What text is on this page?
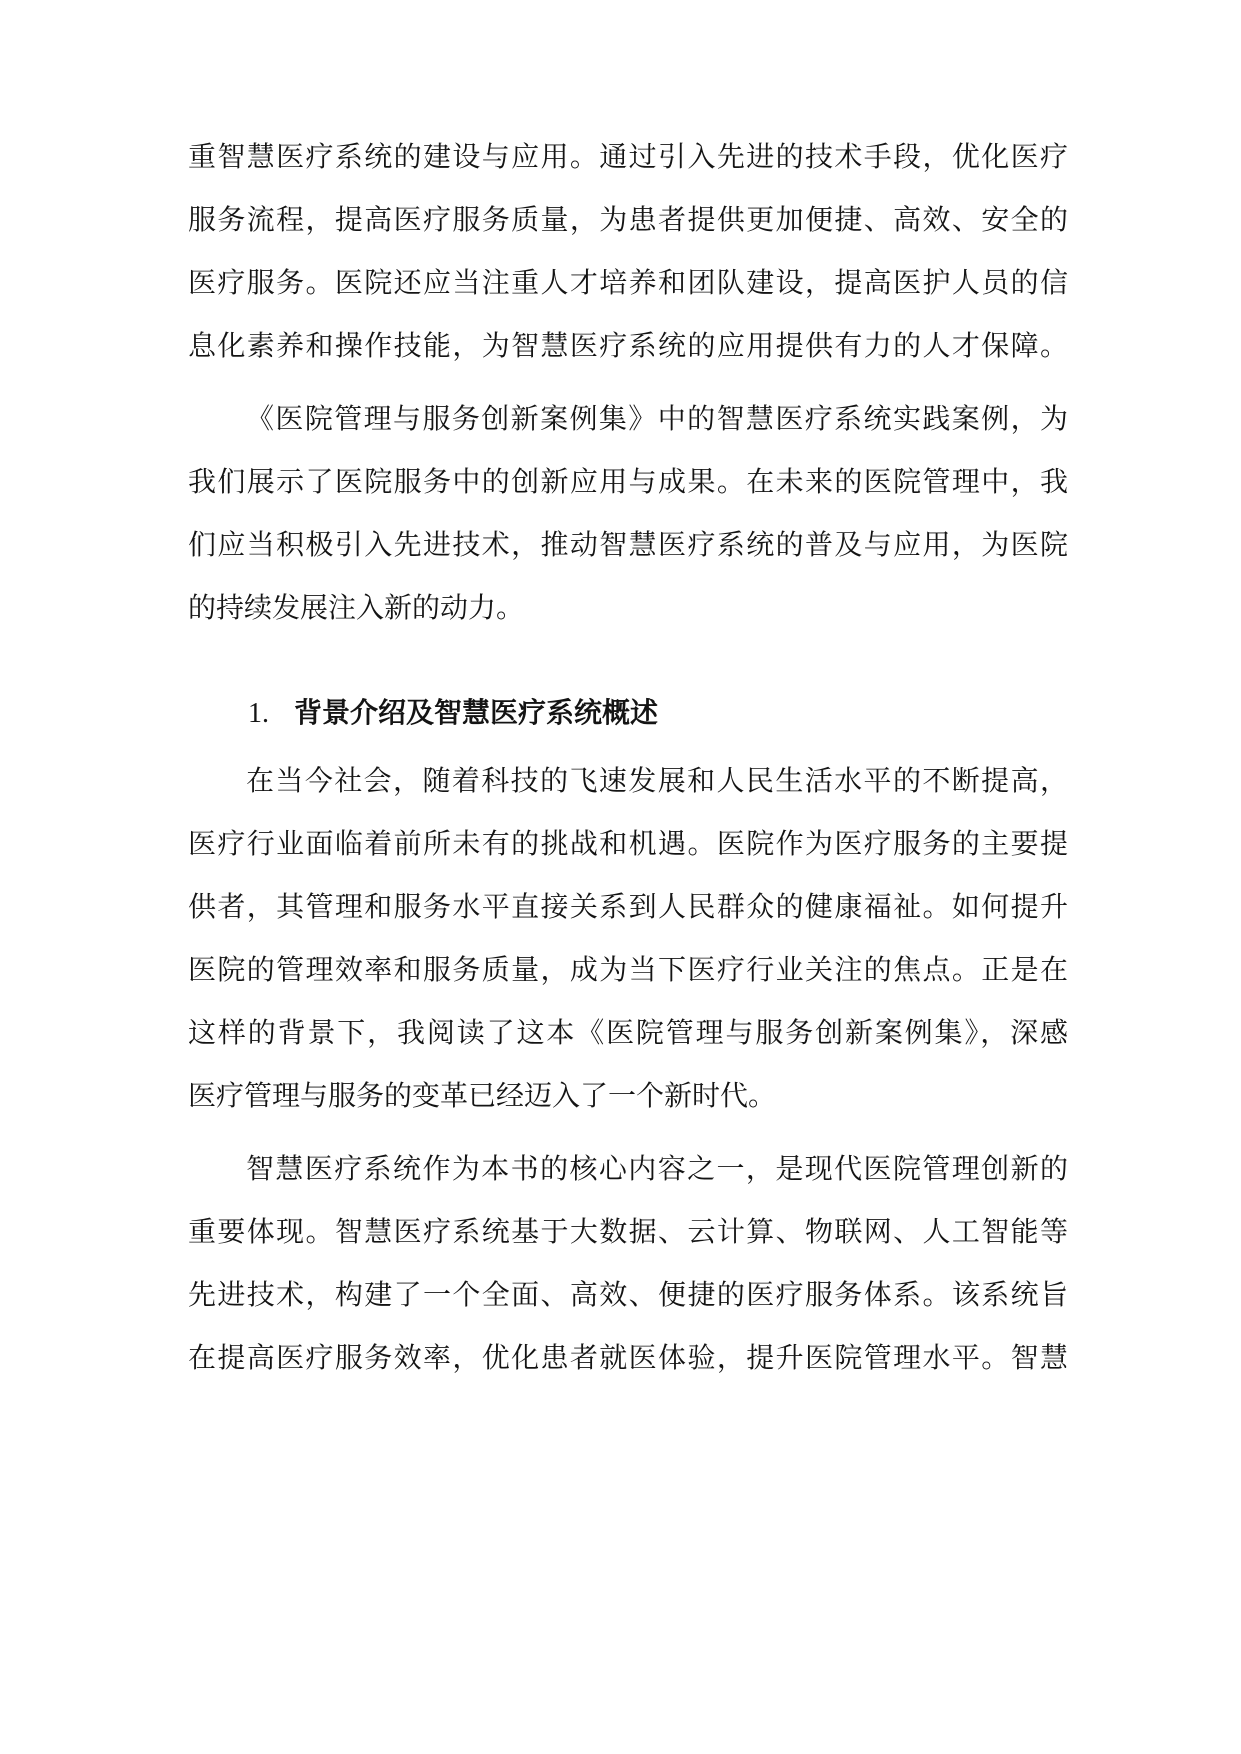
重智慧医疗系统的建设与应用。通过引入先进的技术手段，优化医疗
服务流程，提高医疗服务质量，为患者提供更加便捷、高效、安全的
医疗服务。医院还应当注重人才培养和团队建设，提高医护人员的信
息化素养和操作技能，为智慧医疗系统的应用提供有力的人才保障。
《医院管理与服务创新案例集》中的智慧医疗系统实践案例，为
我们展示了医院服务中的创新应用与成果。在未来的医院管理中，我
们应当积极引入先进技术，推动智慧医疗系统的普及与应用，为医院
的持续发展注入新的动力。
1. 背景介绍及智慧医疗系统概述
在当今社会，随着科技的飞速发展和人民生活水平的不断提高，
医疗行业面临着前所未有的挑战和机遇。医院作为医疗服务的主要提
供者，其管理和服务水平直接关系到人民群众的健康福祉。如何提升
医院的管理效率和服务质量，成为当下医疗行业关注的焦点。正是在
这样的背景下，我阅读了这本《医院管理与服务创新案例集》，深感
医疗管理与服务的变革已经迈入了一个新时代。
智慧医疗系统作为本书的核心内容之一，是现代医院管理创新的
重要体现。智慧医疗系统基于大数据、云计算、物联网、人工智能等
先进技术，构建了一个全面、高效、便捷的医疗服务体系。该系统旨
在提高医疗服务效率，优化患者就医体验，提升医院管理水平。智慧
